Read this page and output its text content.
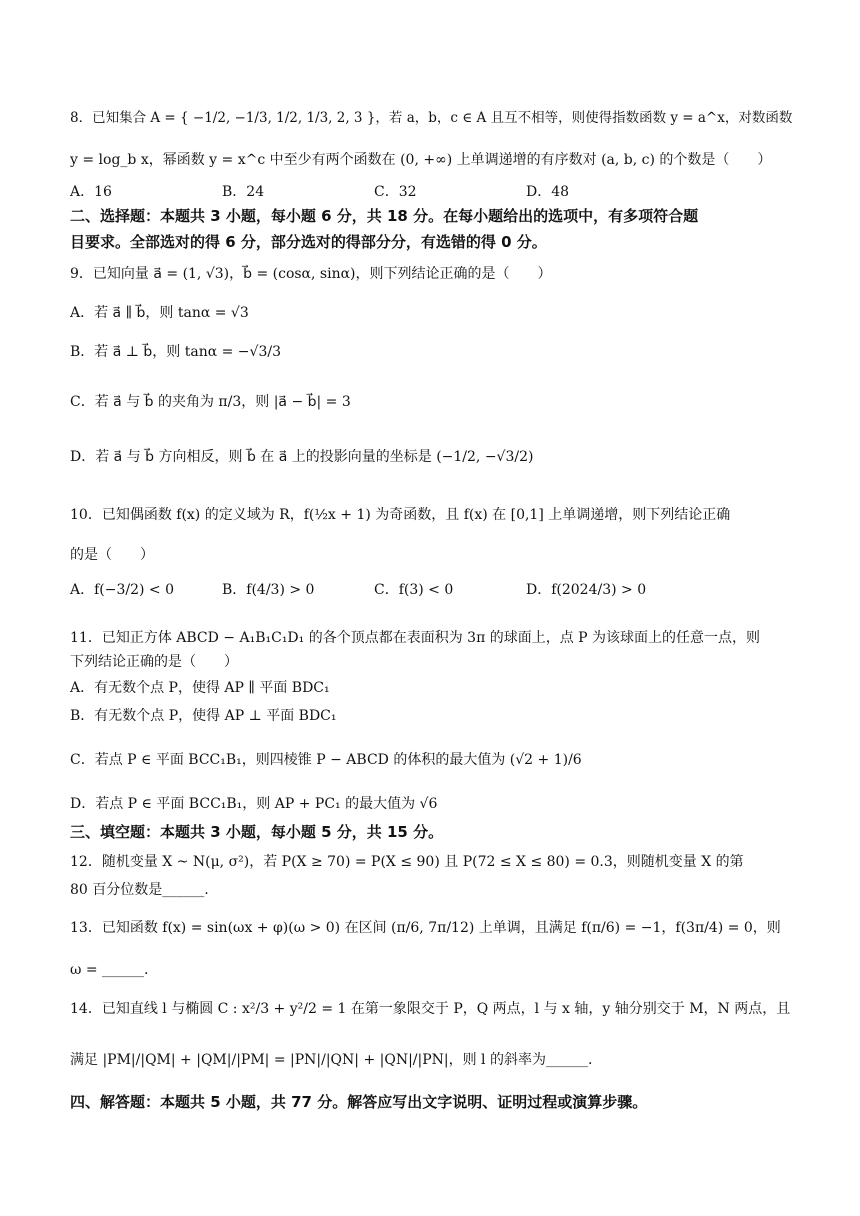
8．已知集合 A = { −1/2, −1/3, 1/2, 1/3, 2, 3 }，若 a，b，c ∈ A 且互不相等，则使得指数函数 y = a^x，对数函数
y = log_b x，幂函数 y = x^c 中至少有两个函数在 (0, +∞) 上单调递增的有序数对 (a, b, c) 的个数是（　　）
A．16	B．24	C．32	D．48
二、选择题：本题共 3 小题，每小题 6 分，共 18 分。在每小题给出的选项中，有多项符合题
目要求。全部选对的得 6 分，部分选对的得部分分，有选错的得 0 分。
9．已知向量 a⃗ = (1, √3)，b⃗ = (cosα, sinα)，则下列结论正确的是（　　）
A．若 a⃗ ∥ b⃗，则 tanα = √3
B．若 a⃗ ⊥ b⃗，则 tanα = −√3/3
C．若 a⃗ 与 b⃗ 的夹角为 π/3，则 |a⃗ − b⃗| = 3
D．若 a⃗ 与 b⃗ 方向相反，则 b⃗ 在 a⃗ 上的投影向量的坐标是 (−1/2, −√3/2)
10．已知偶函数 f(x) 的定义域为 R，f(½x + 1) 为奇函数，且 f(x) 在 [0,1] 上单调递增，则下列结论正确
的是（　　）
A．f(−3/2) < 0	B．f(4/3) > 0	C．f(3) < 0	D．f(2024/3) > 0
11．已知正方体 ABCD − A₁B₁C₁D₁ 的各个顶点都在表面积为 3π 的球面上，点 P 为该球面上的任意一点，则
下列结论正确的是（　　）
A．有无数个点 P，使得 AP ∥ 平面 BDC₁
B．有无数个点 P，使得 AP ⊥ 平面 BDC₁
C．若点 P ∈ 平面 BCC₁B₁，则四棱锥 P − ABCD 的体积的最大值为 (√2 + 1)/6
D．若点 P ∈ 平面 BCC₁B₁，则 AP + PC₁ 的最大值为 √6
三、填空题：本题共 3 小题，每小题 5 分，共 15 分。
12．随机变量 X ~ N(μ, σ²)，若 P(X ≥ 70) = P(X ≤ 90) 且 P(72 ≤ X ≤ 80) = 0.3，则随机变量 X 的第
80 百分位数是______.
13．已知函数 f(x) = sin(ωx + φ)(ω > 0) 在区间 (π/6, 7π/12) 上单调，且满足 f(π/6) = −1，f(3π/4) = 0，则
ω = ______.
14．已知直线 l 与椭圆 C : x²/3 + y²/2 = 1 在第一象限交于 P，Q 两点，l 与 x 轴，y 轴分别交于 M，N 两点，且
满足 |PM|/|QM| + |QM|/|PM| = |PN|/|QN| + |QN|/|PN|，则 l 的斜率为______.
四、解答题：本题共 5 小题，共 77 分。解答应写出文字说明、证明过程或演算步骤。
